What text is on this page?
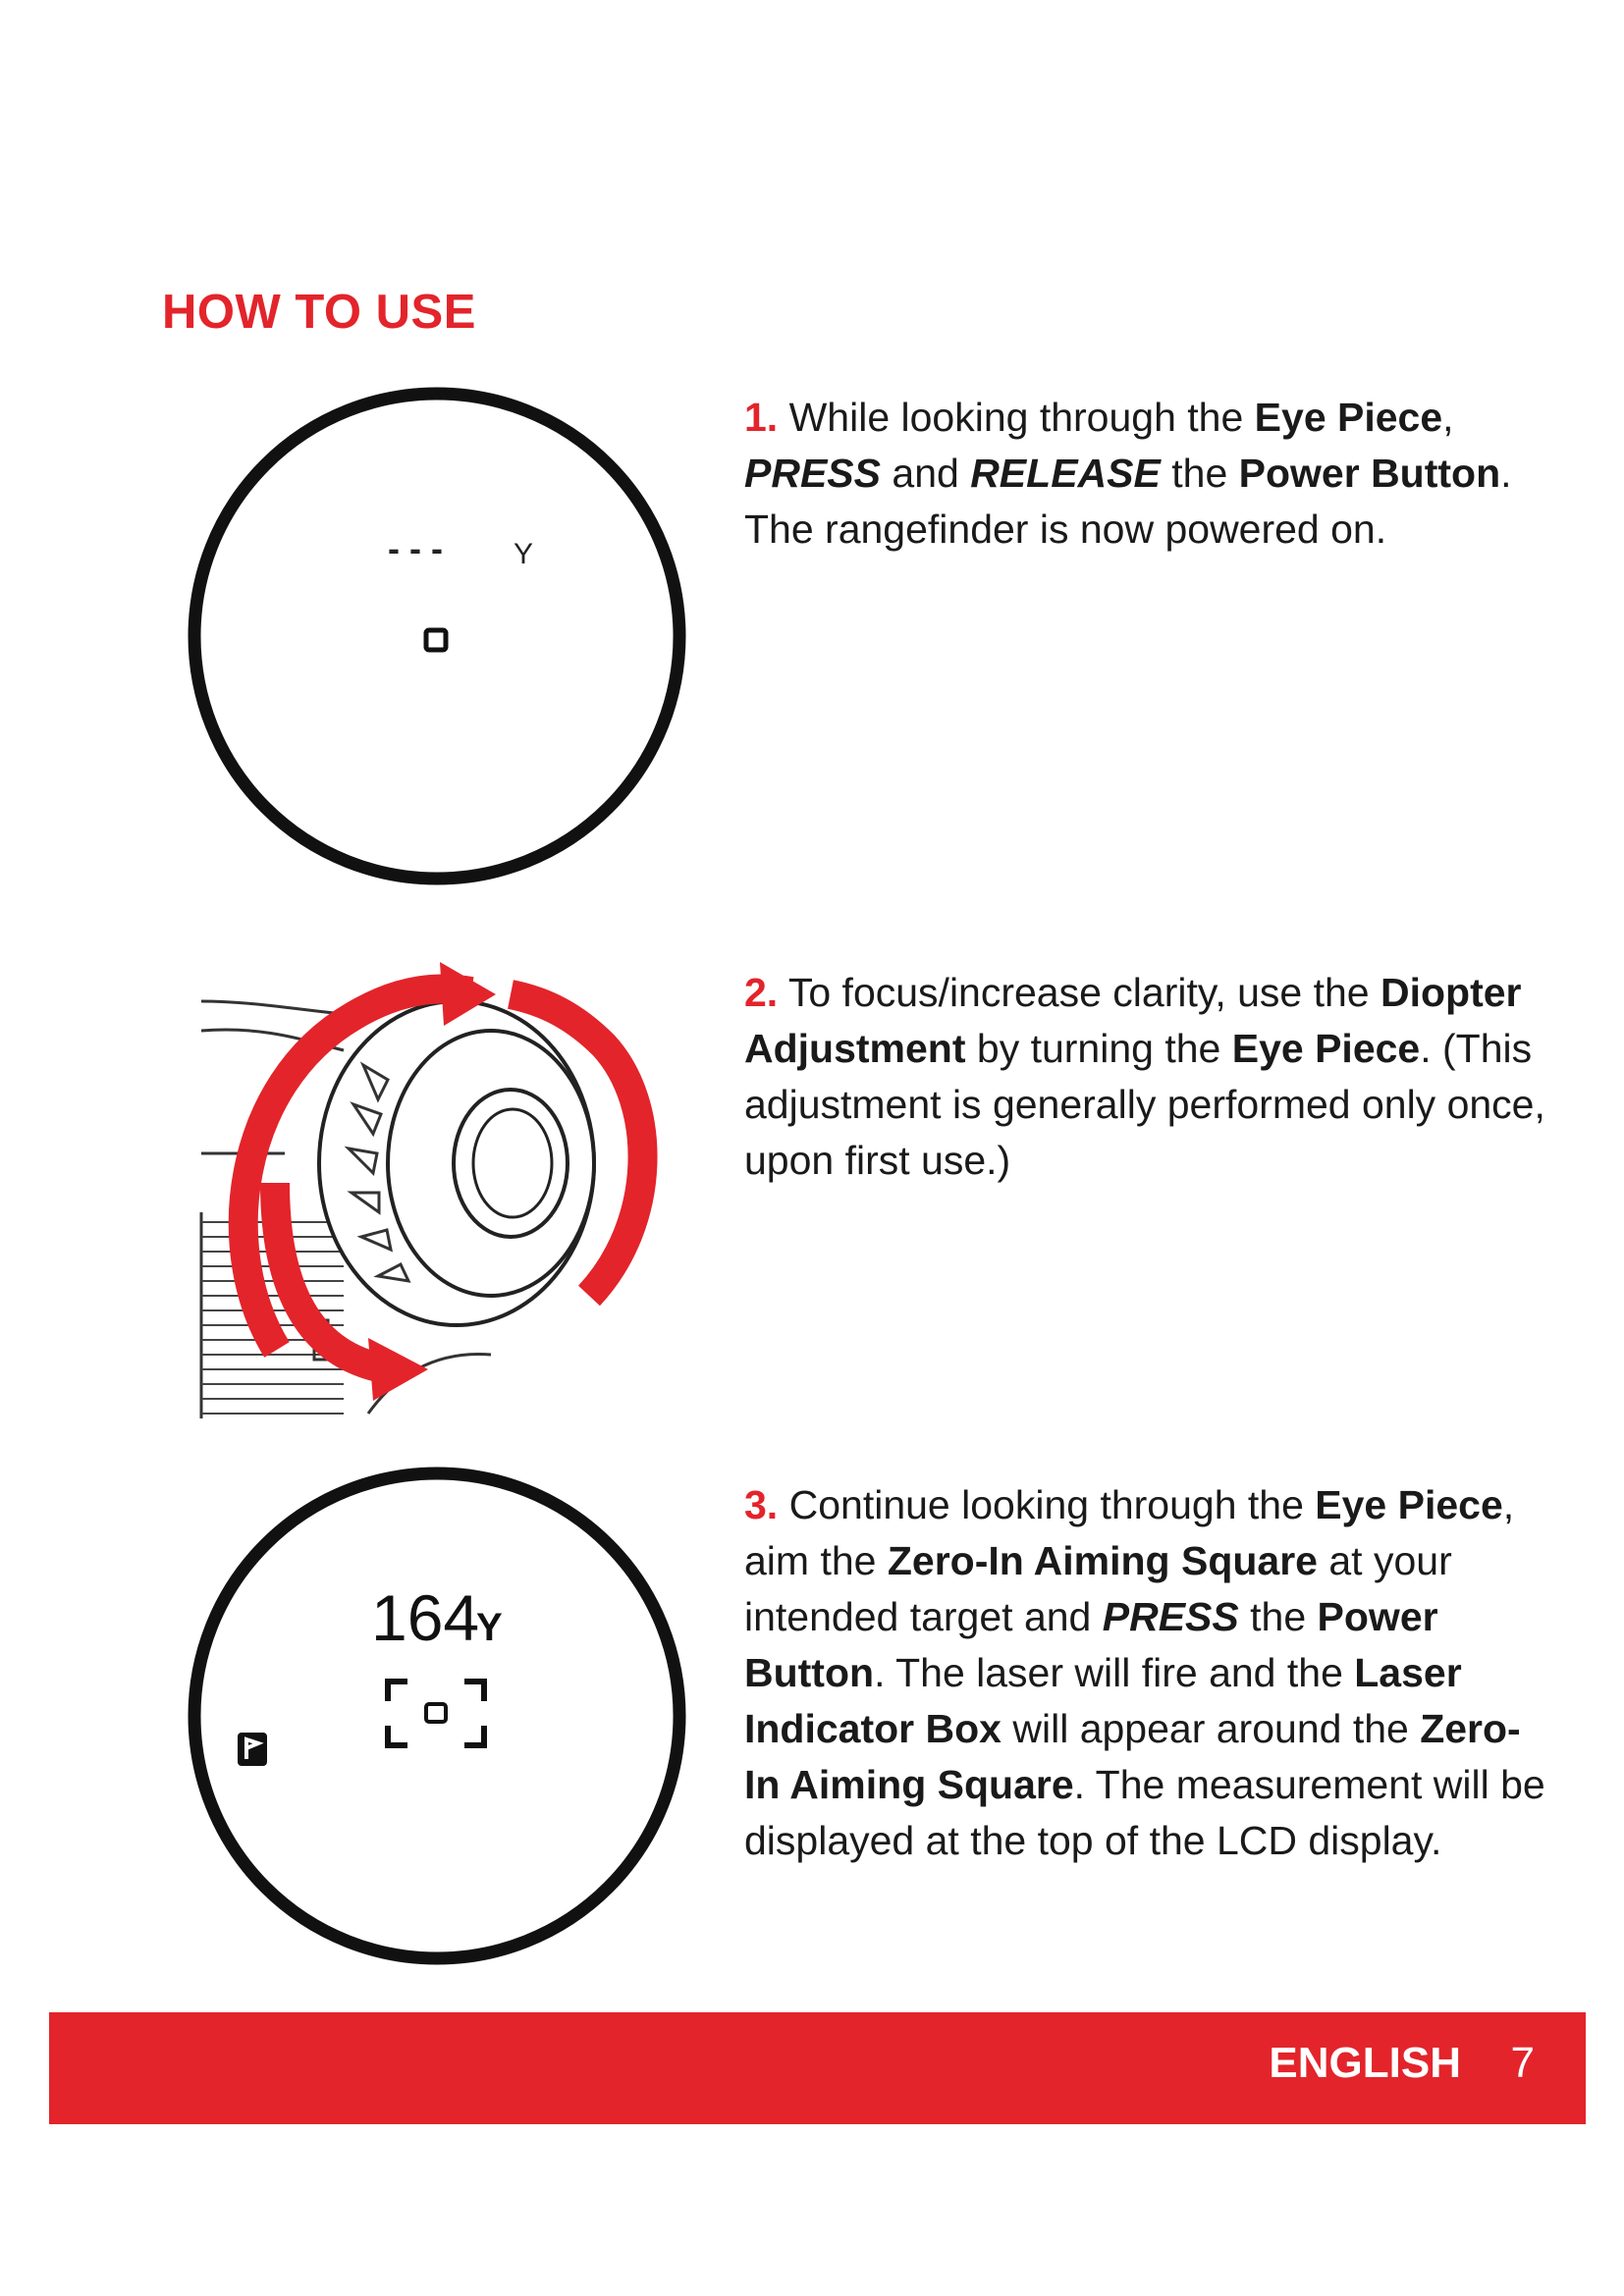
HOW TO USE
- - - Y
164
Y

1. While looking through the Eye Piece, PRESS and RELEASE the Power Button. The rangefinder is now powered on.

2. To focus/increase clarity, use the Diopter Adjustment by turning the Eye Piece. (This adjustment is generally performed only once, upon first use.)

3. Continue looking through the Eye Piece, aim the Zero-In Aiming Square at your intended target and PRESS the Power Button. The laser will fire and the Laser Indicator Box will appear around the Zero-In Aiming Square. The measurement will be displayed at the top of the LCD display.

ENGLISH 7
